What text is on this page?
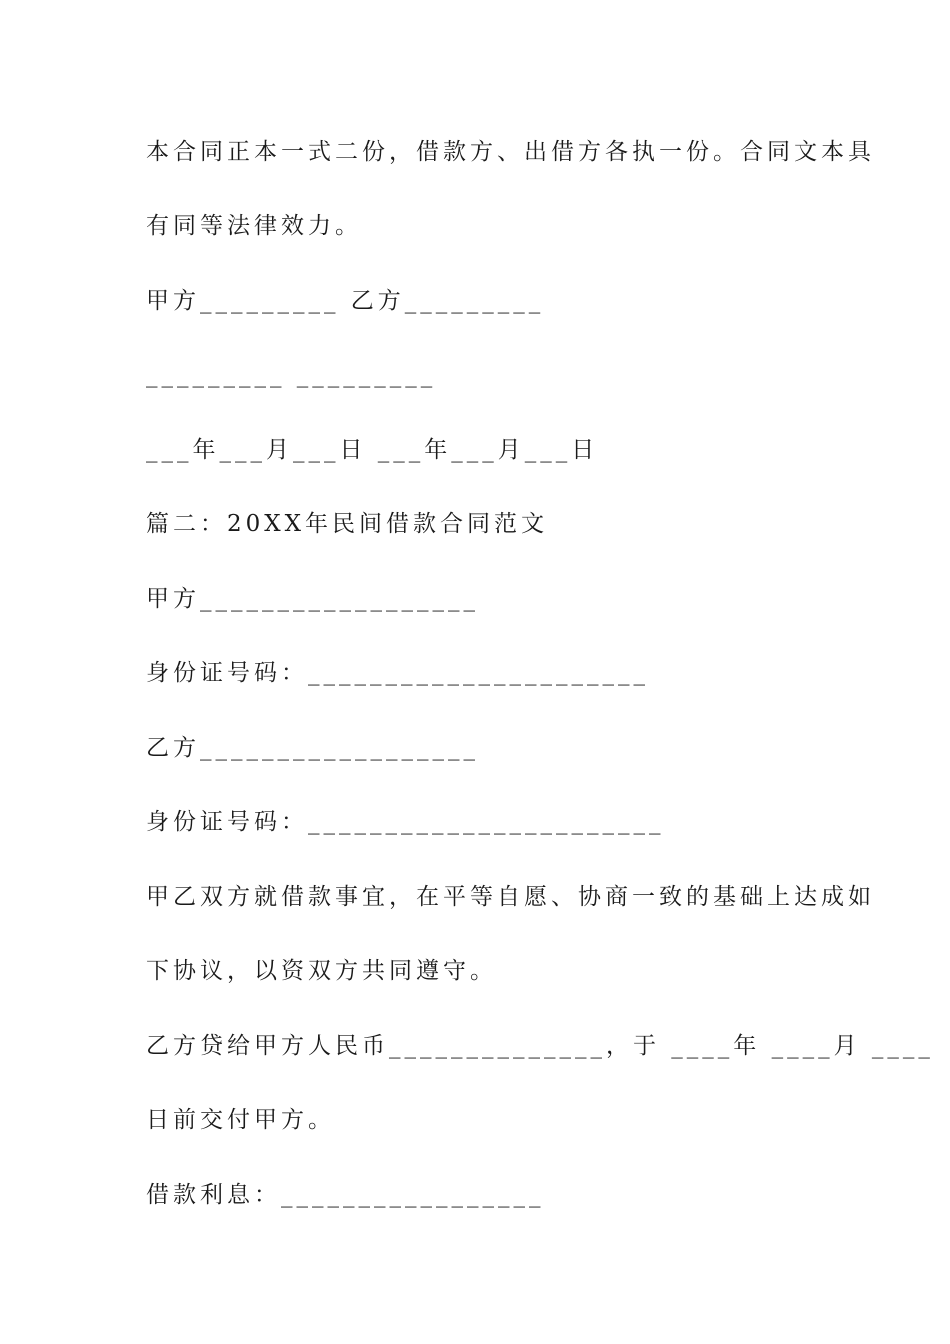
本合同正本一式二份，借款方、出借方各执一份。合同文本具
有同等法律效力。
甲方_________ 乙方_________
_________ _________
___年___月___日 ___年___月___日
篇二：20XX年民间借款合同范文
甲方__________________
身份证号码：______________________
乙方__________________
身份证号码：_______________________
甲乙双方就借款事宜，在平等自愿、协商一致的基础上达成如
下协议，以资双方共同遵守。
乙方贷给甲方人民币______________，于 ____年 ____月 ____
日前交付甲方。
借款利息：_________________
